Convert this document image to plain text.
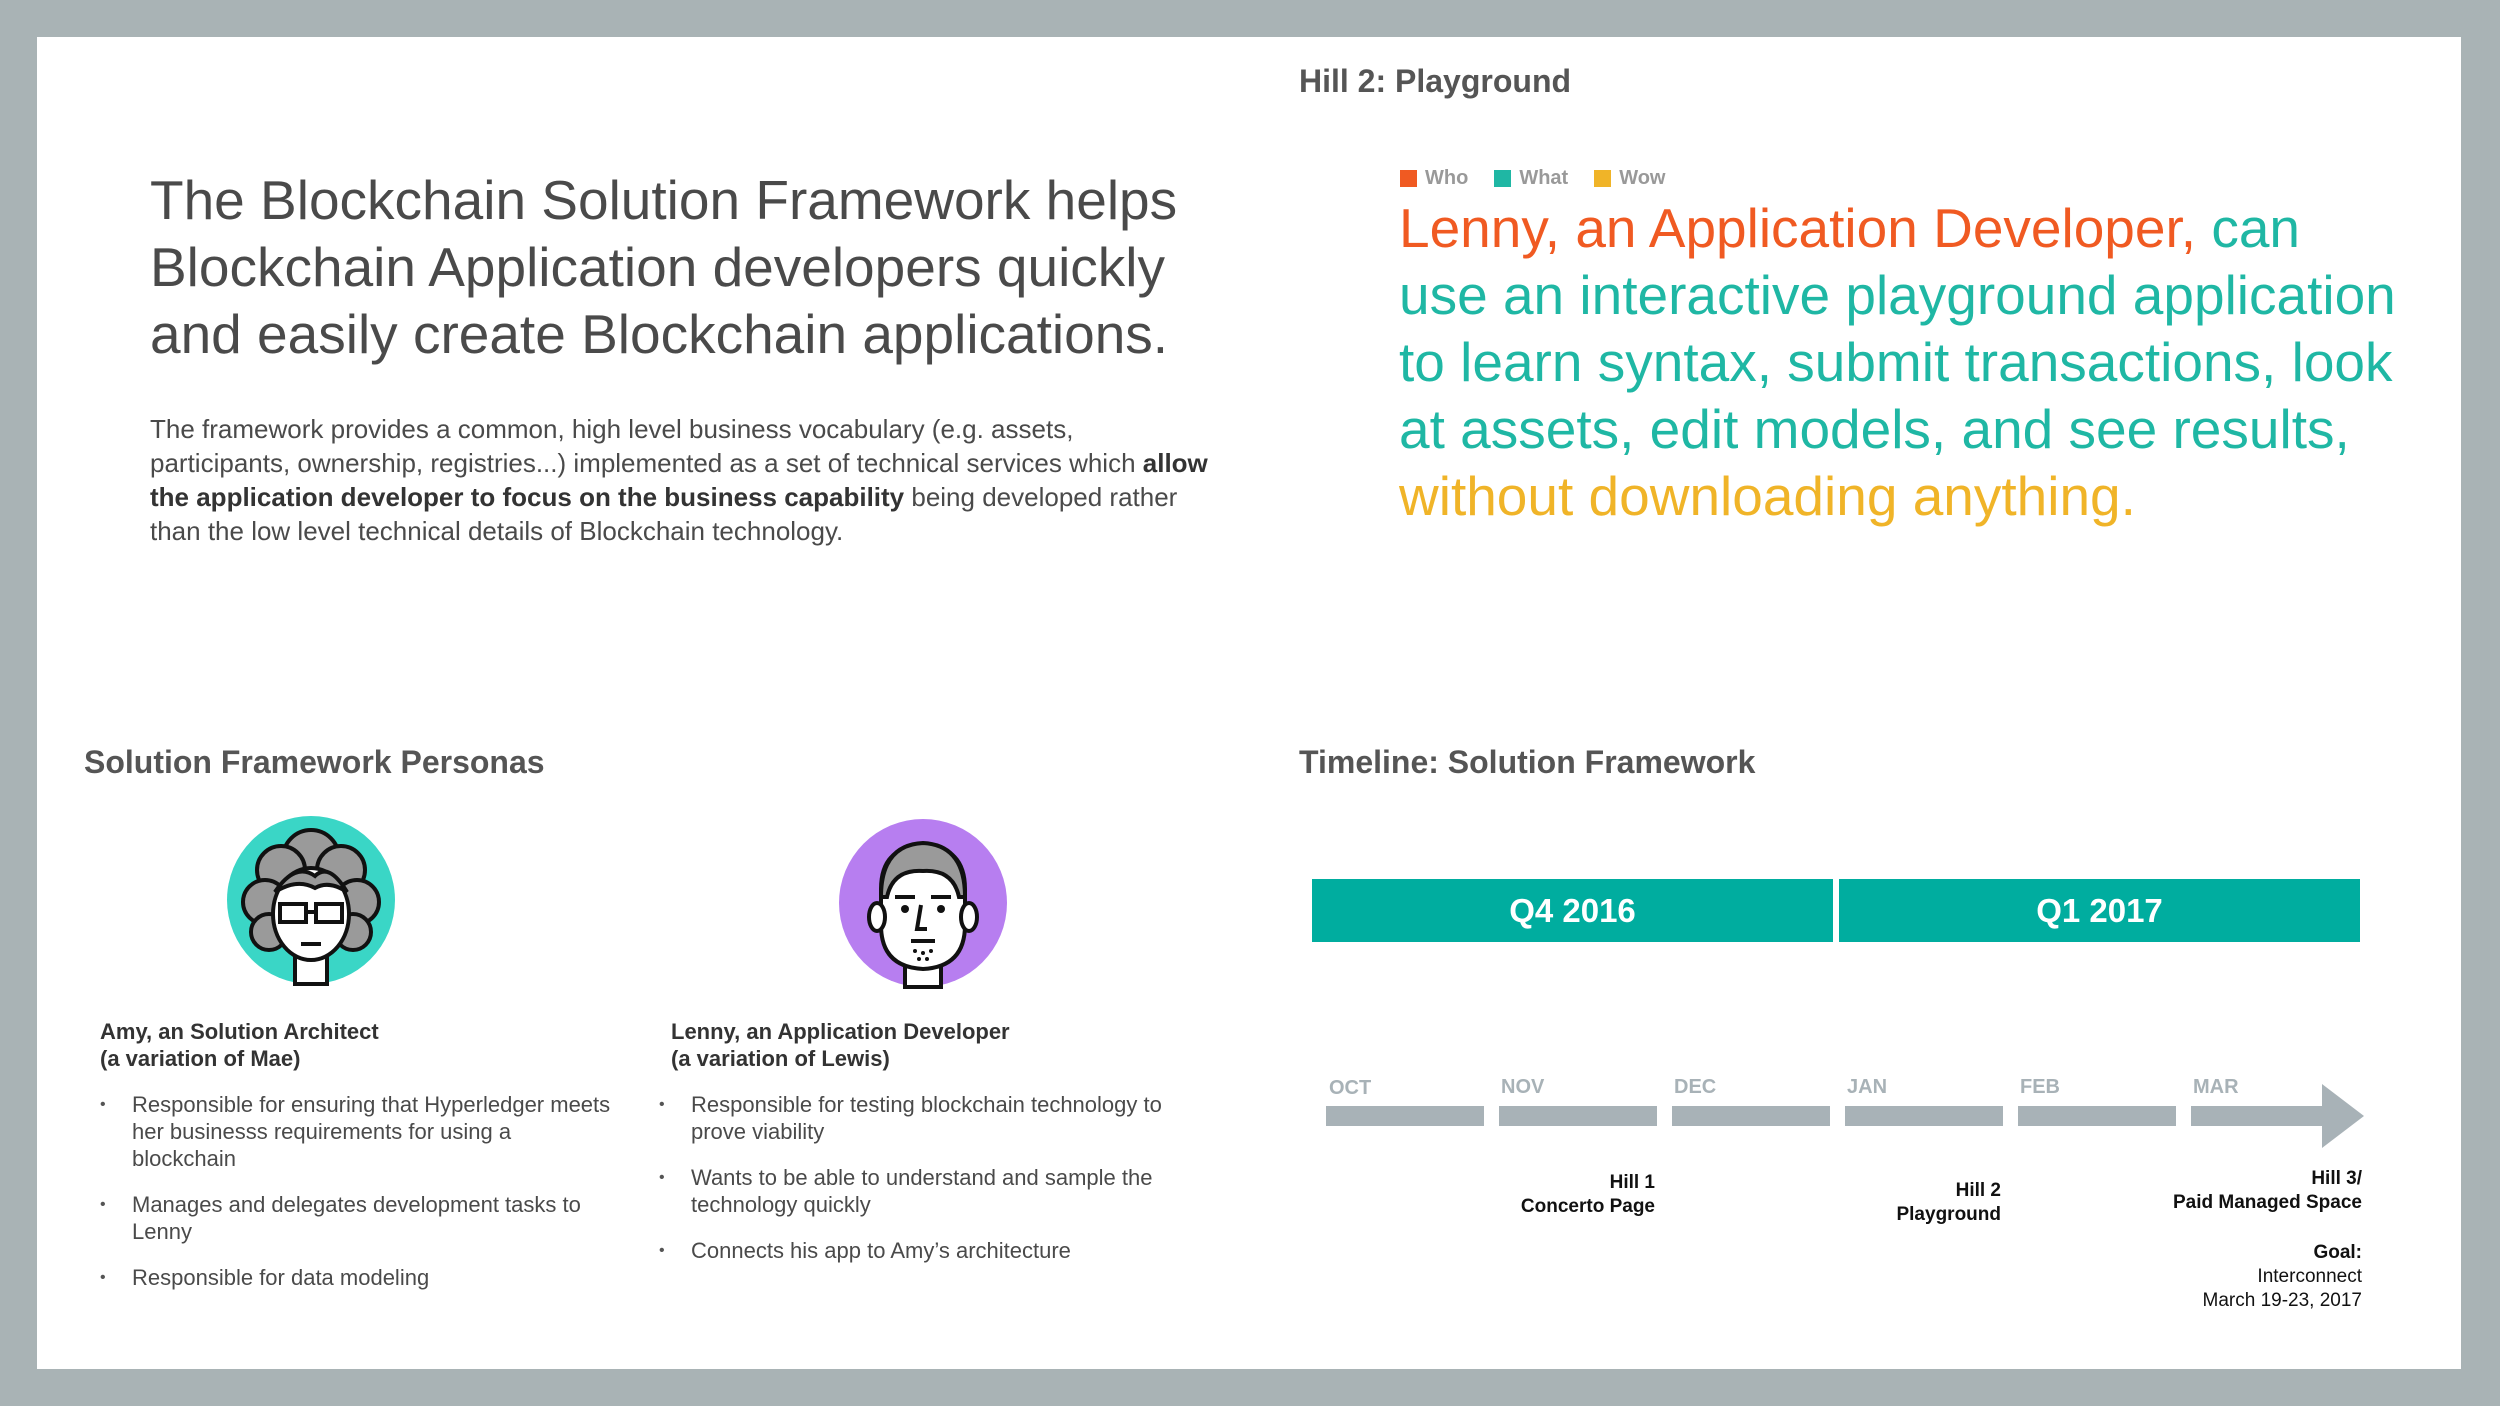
The Blockchain Solution Framework helps Blockchain Application developers quickly and easily create Blockchain applications.
The framework provides a common, high level business vocabulary (e.g. assets, participants, ownership, registries...) implemented as a set of technical services which allow the application developer to focus on the business capability being developed rather than the low level technical details of Blockchain technology.
Hill 2: Playground
Who	What	Wow

Lenny, an Application Developer, can use an interactive playground application to learn syntax, submit transactions, look at assets, edit models, and see results, without downloading anything.

Solution Framework Personas
Amy, an Solution Architect
(a variation of Mae)
• Responsible for ensuring that Hyperledger meets her businesss requirements for using a blockchain
• Manages and delegates development tasks to Lenny
• Responsible for data modeling
Lenny, an Application Developer
(a variation of Lewis)
• Responsible for testing blockchain technology to prove viability
• Wants to be able to understand and sample the technology quickly
• Connects his app to Amy’s architecture
Timeline: Solution Framework
Q4 2016	Q1 2017
OCT	NOV	DEC	JAN	FEB	MAR
Hill 1
Concerto Page
Hill 2
Playground
Hill 3/
Paid Managed Space
Goal:
Interconnect
March 19-23, 2017
